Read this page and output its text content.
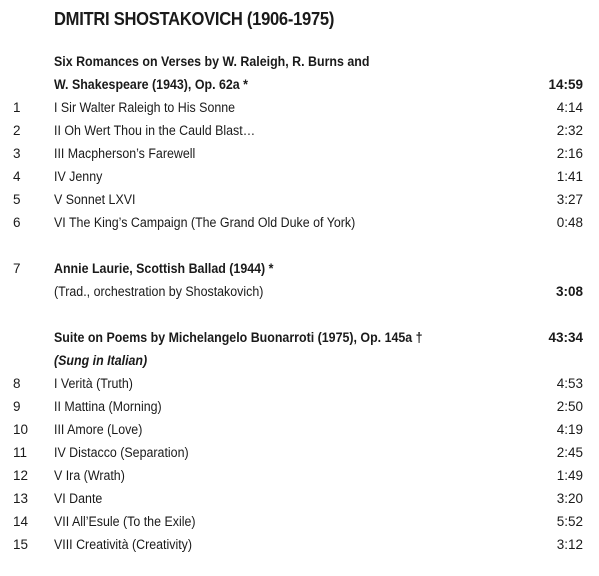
DMITRI SHOSTAKOVICH (1906-1975)
Six Romances on Verses by W. Raleigh, R. Burns and
W. Shakespeare (1943), Op. 62a *	14:59
1 I Sir Walter Raleigh to His Sonne	4:14
2 II Oh Wert Thou in the Cauld Blast…	2:32
3 III Macpherson’s Farewell	2:16
4 IV Jenny	1:41
5 V Sonnet LXVI	3:27
6 VI The King’s Campaign (The Grand Old Duke of York)	0:48
7 Annie Laurie, Scottish Ballad (1944) *
(Trad., orchestration by Shostakovich)	3:08
Suite on Poems by Michelangelo Buonarroti (1975), Op. 145a †	43:34
(Sung in Italian)
8 I Verità (Truth)	4:53
9 II Mattina (Morning)	2:50
10 III Amore (Love)	4:19
11 IV Distacco (Separation)	2:45
12 V Ira (Wrath)	1:49
13 VI Dante	3:20
14 VII All’Esule (To the Exile)	5:52
15 VIII Creatività (Creativity)	3:12
